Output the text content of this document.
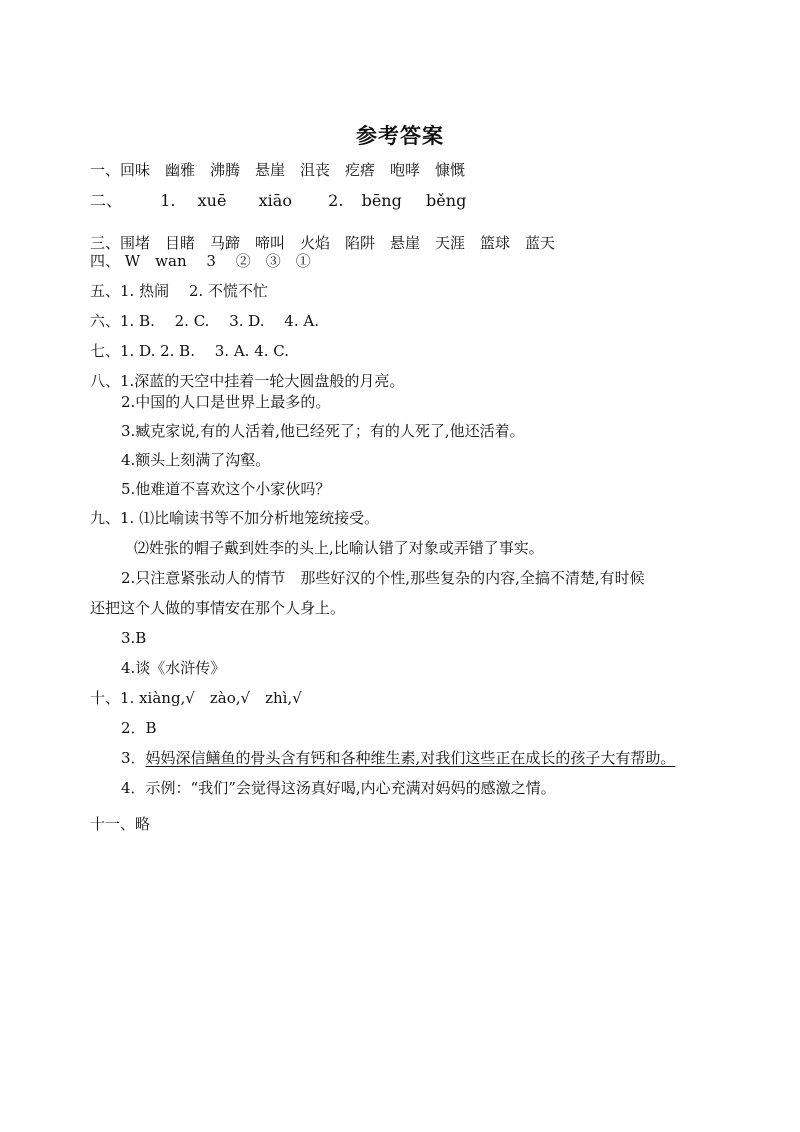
参考答案
一、回味　幽雅　沸腾　悬崖　沮丧　疙瘩　咆哮　慷慨
二、 1. xuē xiāo 2. bēng běng
三、围堵　目睹　马蹄　啼叫　火焰　陷阱　悬崖　天涯　篮球　蓝天
四、 W　wan　 3　 ②　③　①
五、1. 热闹　 2. 不慌不忙
六、1. B.　 2. C.　 3. D.　 4. A.
七、1. D. 2. B.　 3. A. 4. C.
八、1.深蓝的天空中挂着一轮大圆盘般的月亮。
2.中国的人口是世界上最多的。
3.臧克家说,有的人活着,他已经死了；有的人死了,他还活着。
4.额头上刻满了沟壑。
5.他难道不喜欢这个小家伙吗？
九、1. ⑴比喻读书等不加分析地笼统接受。
⑵姓张的帽子戴到姓李的头上,比喻认错了对象或弄错了事实。
2.只注意紧张动人的情节　那些好汉的个性,那些复杂的内容,全搞不清楚,有时候
还把这个人做的事情安在那个人身上。
3.B
4.谈《水浒传》
十、1. xiàng,√　zào,√　zhì,√
2．B
3．妈妈深信鳝鱼的骨头含有钙和各种维生素,对我们这些正在成长的孩子大有帮助。
4．示例：“我们”会觉得这汤真好喝,内心充满对妈妈的感激之情。
十一、略
